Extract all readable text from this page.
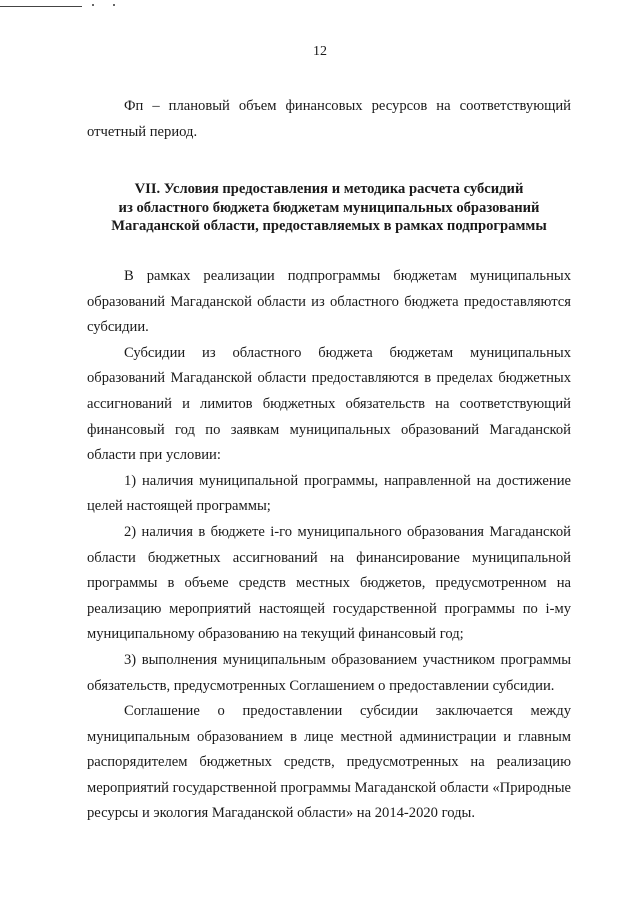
12

Фп – плановый объем финансовых ресурсов на соответствующий отчетный период.

VII. Условия предоставления и методика расчета субсидий
из областного бюджета бюджетам муниципальных образований
Магаданской области, предоставляемых в рамках подпрограммы

В рамках реализации подпрограммы бюджетам муниципальных образований Магаданской области из областного бюджета предоставляются субсидии.

Субсидии из областного бюджета бюджетам муниципальных образований Магаданской области предоставляются в пределах бюджетных ассигнований и лимитов бюджетных обязательств на соответствующий финансовый год по заявкам муниципальных образований Магаданской области при условии:

1) наличия муниципальной программы, направленной на достижение целей настоящей программы;

2) наличия в бюджете i-го муниципального образования Магаданской области бюджетных ассигнований на финансирование муниципальной программы в объеме средств местных бюджетов, предусмотренном на реализацию мероприятий настоящей государственной программы по i-му муниципальному образованию на текущий финансовый год;

3) выполнения муниципальным образованием участником программы обязательств, предусмотренных Соглашением о предоставлении субсидии.

Соглашение о предоставлении субсидии заключается между муниципальным образованием в лице местной администрации и главным распорядителем бюджетных средств, предусмотренных на реализацию мероприятий государственной программы Магаданской области «Природные ресурсы и экология Магаданской области» на 2014-2020 годы.
